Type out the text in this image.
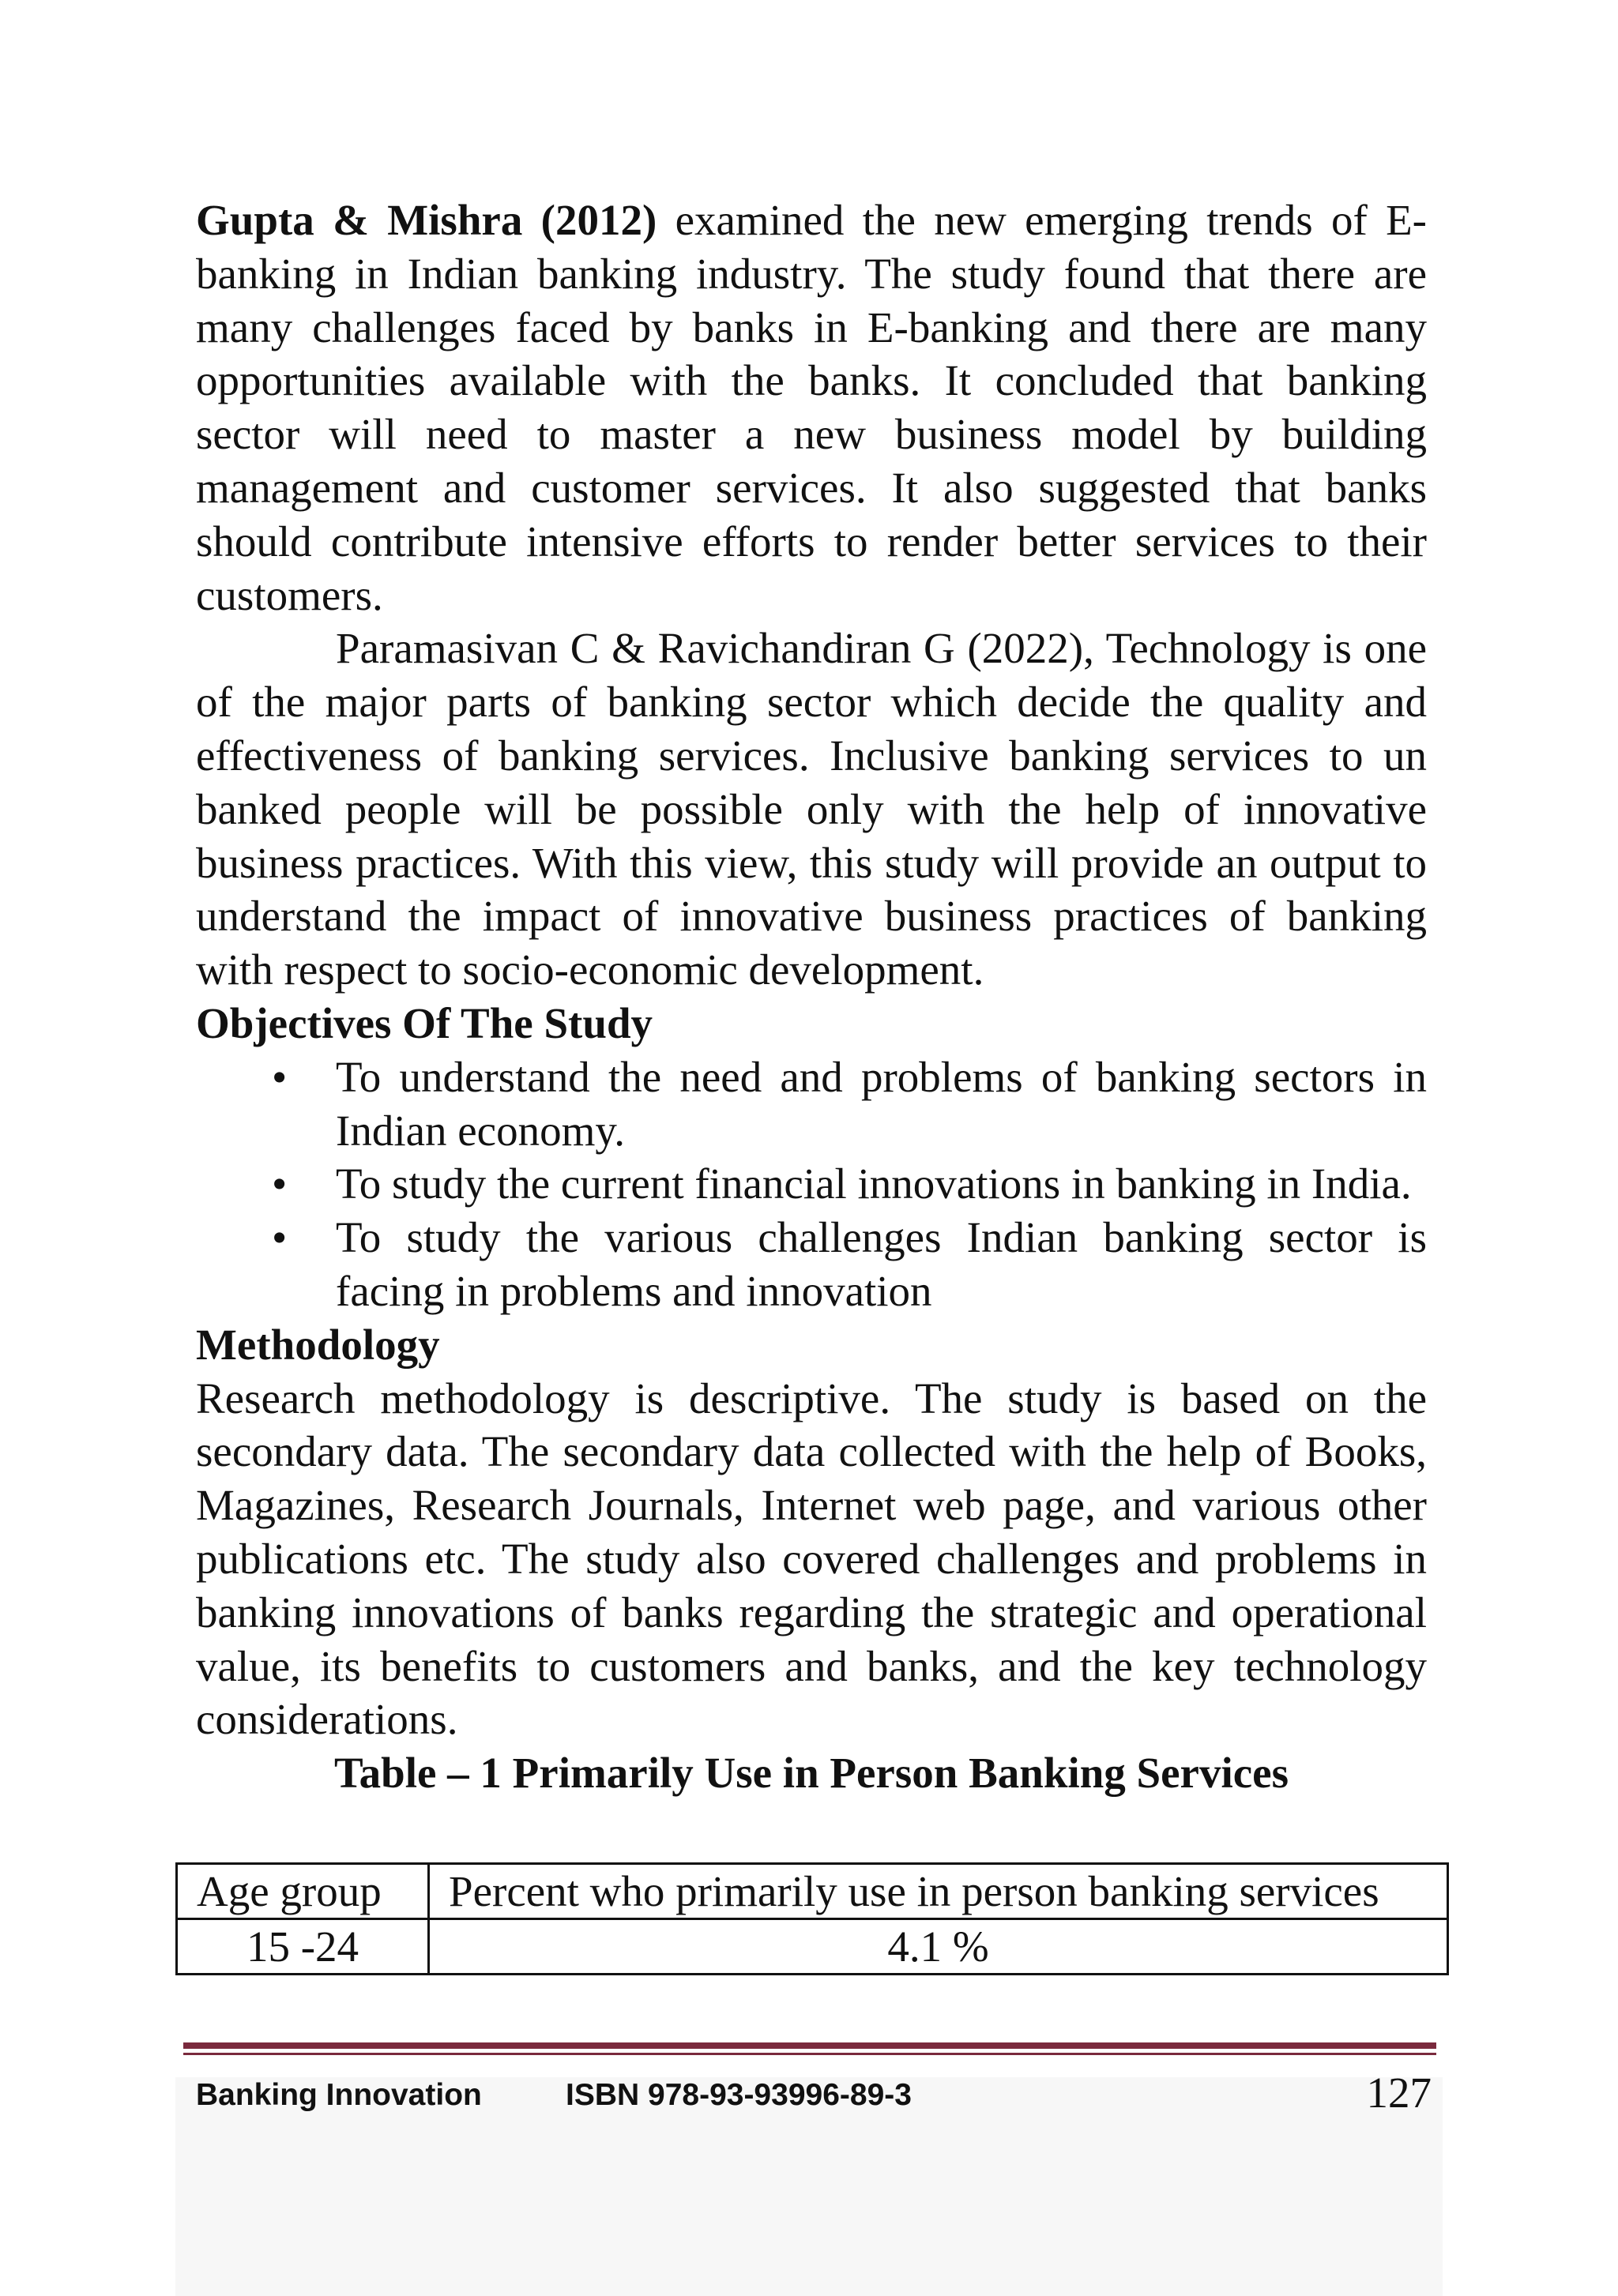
Gupta & Mishra (2012) examined the new emerging trends of E-banking in Indian banking industry. The study found that there are many challenges faced by banks in E-banking and there are many opportunities available with the banks. It concluded that banking sector will need to master a new business model by building management and customer services. It also suggested that banks should contribute intensive efforts to render better services to their customers.

Paramasivan C & Ravichandiran G (2022), Technology is one of the major parts of banking sector which decide the quality and effectiveness of banking services. Inclusive banking services to un banked people will be possible only with the help of innovative business practices. With this view, this study will provide an output to understand the impact of innovative business practices of banking with respect to socio-economic development.

Objectives Of The Study
• To understand the need and problems of banking sectors in Indian economy.
• To study the current financial innovations in banking in India.
• To study the various challenges Indian banking sector is facing in problems and innovation
Methodology

Research methodology is descriptive. The study is based on the secondary data. The secondary data collected with the help of Books, Magazines, Research Journals, Internet web page, and various other publications etc. The study also covered challenges and problems in banking innovations of banks regarding the strategic and operational value, its benefits to customers and banks, and the key technology considerations.

Table – 1 Primarily Use in Person Banking Services

Age group	Percent who primarily use in person banking services
15 -24	4.1 %
Banking Innovation	ISBN 978-93-93996-89-3	127
